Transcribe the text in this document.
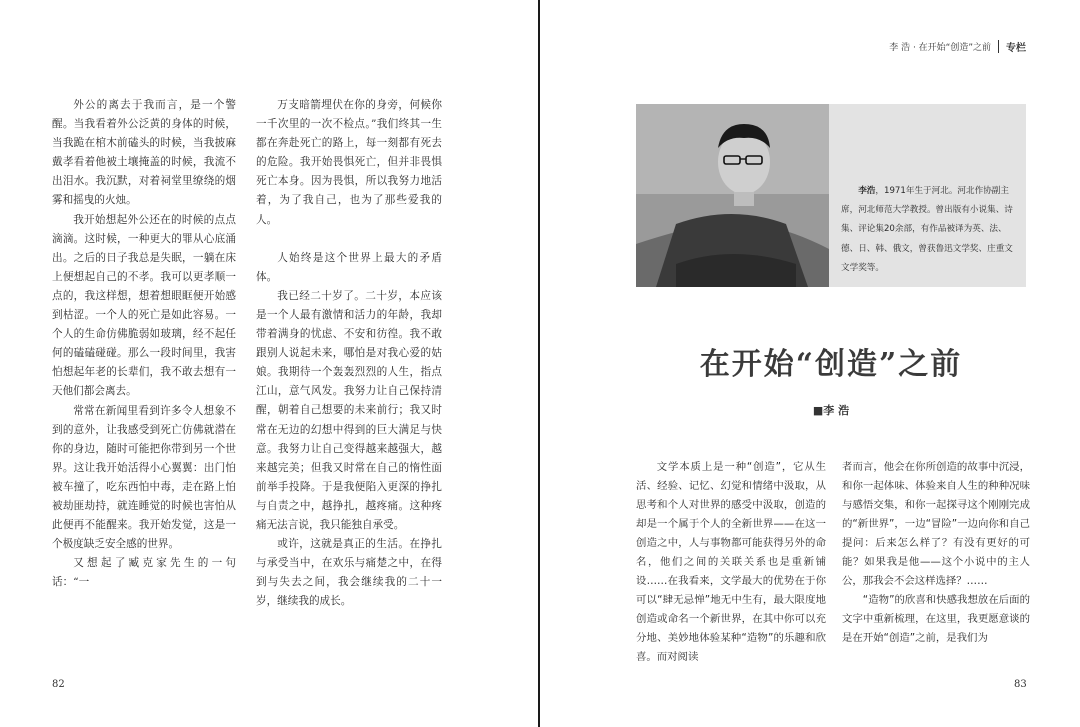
外公的离去于我而言，是一个警醒。当我看着外公泛黄的身体的时候，当我跪在棺木前磕头的时候，当我披麻戴孝看着他被土壤掩盖的时候，我流不出泪水。我沉默，对着祠堂里缭绕的烟雾和摇曳的火烛。

我开始想起外公还在的时候的点点滴滴。这时候，一种更大的罪从心底涌出。之后的日子我总是失眠，一躺在床上便想起自己的不孝。我可以更孝顺一点的，我这样想，想着想眼眶便开始感到枯涩。一个人的死亡是如此容易。一个人的生命仿佛脆弱如玻璃，经不起任何的磕磕碰碰。那么一段时间里，我害怕想起年老的长辈们，我不敢去想有一天他们都会离去。

常常在新闻里看到许多令人想象不到的意外，让我感受到死亡仿佛就潜在你的身边，随时可能把你带到另一个世界。这让我开始活得小心翼翼：出门怕被车撞了，吃东西怕中毒，走在路上怕被劫匪劫持，就连睡觉的时候也害怕从此便再不能醒来。我开始发觉，这是一个极度缺乏安全感的世界。

又想起了臧克家先生的一句话：“一

万支暗箭埋伏在你的身旁，何候你一千次里的一次不检点。”我们终其一生都在奔赴死亡的路上，每一刻都有死去的危险。我开始畏惧死亡，但并非畏惧死亡本身。因为畏惧，所以我努力地活着，为了我自己，也为了那些爱我的人。

人始终是这个世界上最大的矛盾体。

我已经二十岁了。二十岁，本应该是一个人最有激情和活力的年龄，我却带着满身的忧虑、不安和彷徨。我不敢跟别人说起未来，哪怕是对我心爱的姑娘。我期待一个轰轰烈烈的人生，指点江山，意气风发。我努力让自己保持清醒，朝着自己想要的未来前行；我又时常在无边的幻想中得到的巨大满足与快意。我努力让自己变得越来越强大，越来越完美；但我又时常在自己的惰性面前举手投降。于是我便陷入更深的挣扎与自责之中，越挣扎，越疼痛。这种疼痛无法言说，我只能独自承受。

或许，这就是真正的生活。在挣扎与承受当中，在欢乐与痛楚之中，在得到与失去之间，我会继续我的二十一岁，继续我的成长。

82
李 浩 · 在开始“创造”之前 专栏
李浩，1971年生于河北。河北作协副主席，河北师范大学教授。曾出版有小说集、诗集、评论集20余部，有作品被译为英、法、德、日、韩、俄文，曾获鲁迅文学奖、庄重文文学奖等。
在开始“创造”之前
■李 浩

文学本质上是一种“创造”，它从生活、经验、记忆、幻觉和情绪中汲取，从思考和个人对世界的感受中汲取，创造的却是一个属于个人的全新世界——在这一创造之中，人与事物都可能获得另外的命名，他们之间的关联关系也是重新铺设……在我看来，文学最大的优势在于你可以“肆无忌惮”地无中生有，最大限度地创造或命名一个新世界，在其中你可以充分地、美妙地体验某种“造物”的乐趣和欣喜。而对阅读

者而言，他会在你所创造的故事中沉浸，和你一起体味、体验来自人生的种种况味与感悟交集，和你一起探寻这个刚刚完成的“新世界”，一边“冒险”一边向你和自己提问：后来怎么样了？有没有更好的可能？如果我是他——这个小说中的主人公，那我会不会这样选择？……

“造物”的欣喜和快感我想放在后面的文字中重新梳理，在这里，我更愿意谈的是在开始“创造”之前，是我们为

83
